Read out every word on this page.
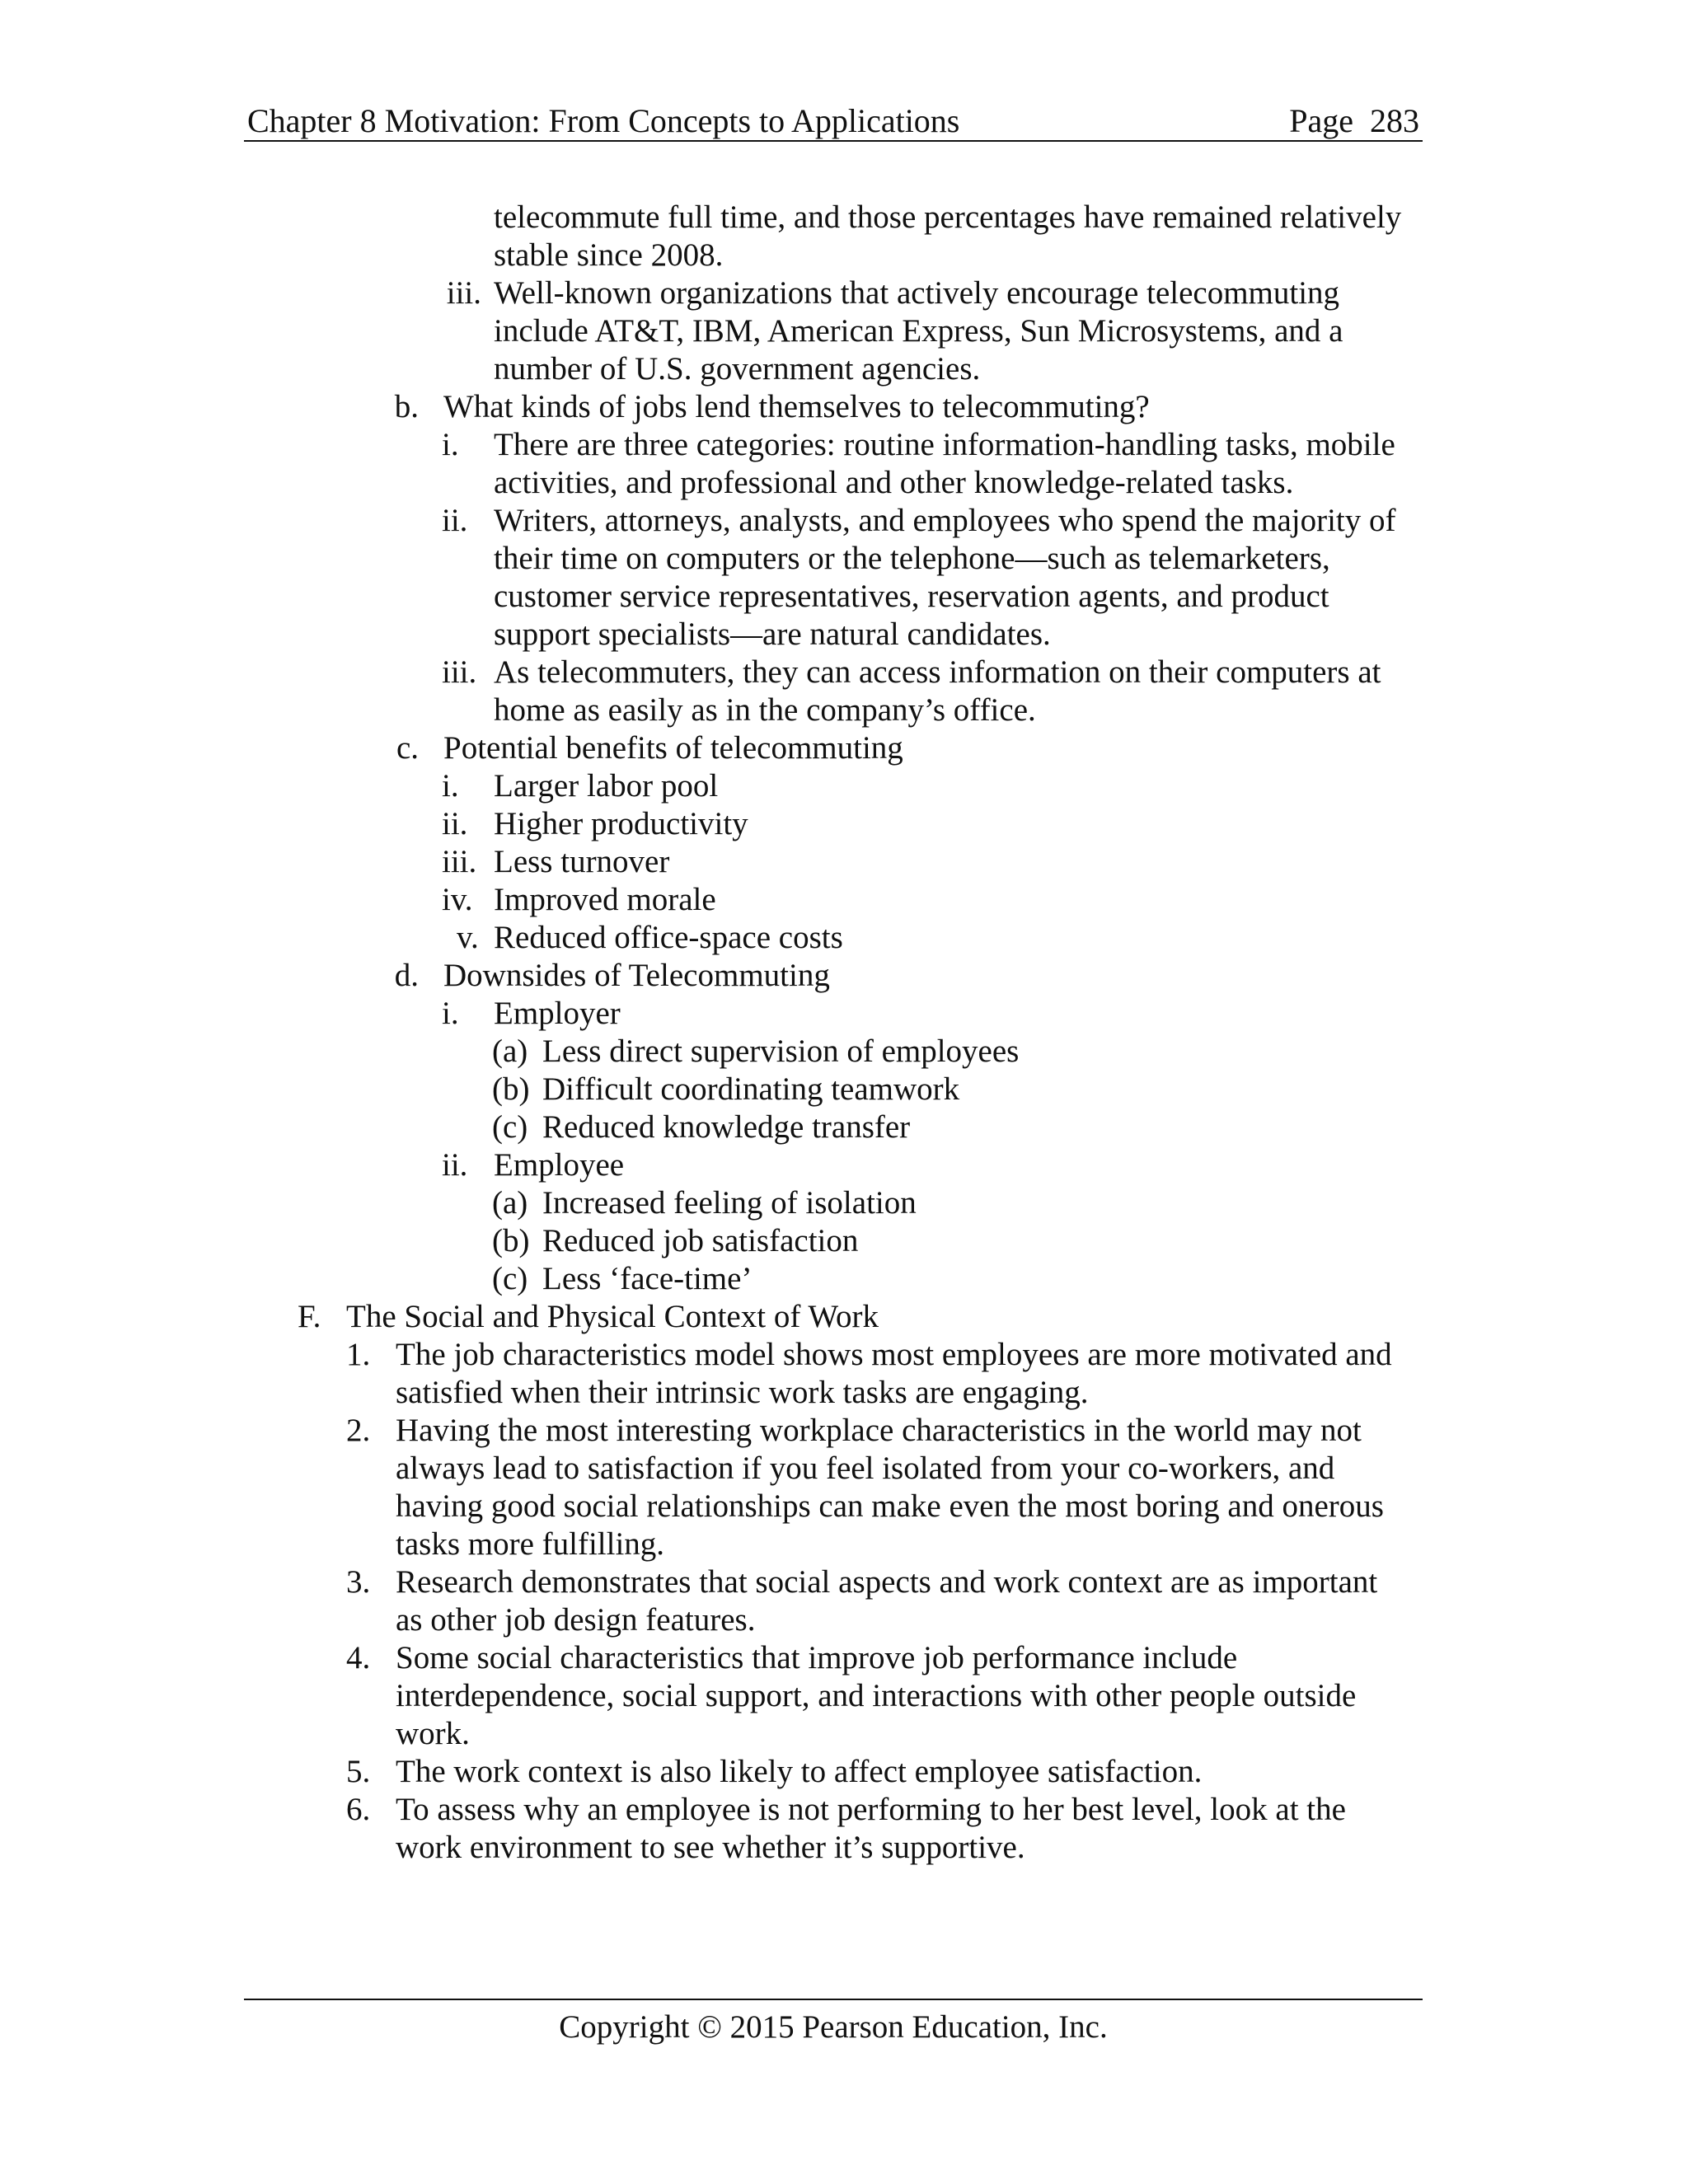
Chapter 8 Motivation: From Concepts to Applications	Page 283
telecommute full time, and those percentages have remained relatively
stable since 2008.
iii. Well-known organizations that actively encourage telecommuting
include AT&T, IBM, American Express, Sun Microsystems, and a
number of U.S. government agencies.
b. What kinds of jobs lend themselves to telecommuting?
i.	There are three categories: routine information-handling tasks, mobile
activities, and professional and other knowledge-related tasks.
ii. Writers, attorneys, analysts, and employees who spend the majority of
their time on computers or the telephone—such as telemarketers,
customer service representatives, reservation agents, and product
support specialists—are natural candidates.
iii. As telecommuters, they can access information on their computers at
home as easily as in the company’s office.
c. Potential benefits of telecommuting
i. Larger labor pool
ii. Higher productivity
iii. Less turnover
iv. Improved morale
v. Reduced office-space costs
d. Downsides of Telecommuting
i. Employer
(a) Less direct supervision of employees
(b) Difficult coordinating teamwork
(c) Reduced knowledge transfer
ii. Employee
(a) Increased feeling of isolation
(b) Reduced job satisfaction
(c) Less ‘face-time’
F. The Social and Physical Context of Work
1. The job characteristics model shows most employees are more motivated and
satisfied when their intrinsic work tasks are engaging.
2. Having the most interesting workplace characteristics in the world may not
always lead to satisfaction if you feel isolated from your co-workers, and
having good social relationships can make even the most boring and onerous
tasks more fulfilling.
3. Research demonstrates that social aspects and work context are as important
as other job design features.
4. Some social characteristics that improve job performance include
interdependence, social support, and interactions with other people outside
work.
5. The work context is also likely to affect employee satisfaction.
6. To assess why an employee is not performing to her best level, look at the
work environment to see whether it’s supportive.
Copyright © 2015 Pearson Education, Inc.
